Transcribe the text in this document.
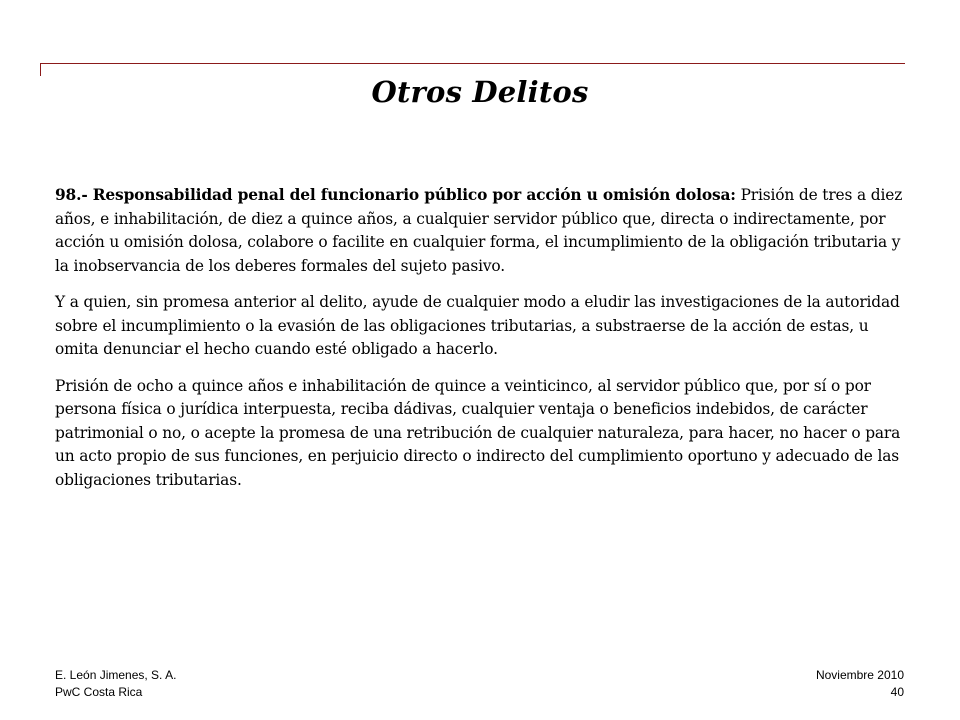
Otros Delitos

98.- Responsabilidad penal del funcionario público por acción u omisión dolosa: Prisión de tres a diez años, e inhabilitación, de diez a quince años, a cualquier servidor público que, directa o indirectamente, por acción u omisión dolosa, colabore o facilite en cualquier forma, el incumplimiento de la obligación tributaria y la inobservancia de los deberes formales del sujeto pasivo.

Y a quien, sin promesa anterior al delito, ayude de cualquier modo a eludir las investigaciones de la autoridad sobre el incumplimiento o la evasión de las obligaciones tributarias, a substraerse de la acción de estas, u omita denunciar el hecho cuando esté obligado a hacerlo.

Prisión de ocho a quince años e inhabilitación de quince a veinticinco, al servidor público que, por sí o por persona física o jurídica interpuesta, reciba dádivas, cualquier ventaja o beneficios indebidos, de carácter patrimonial o no, o acepte la promesa de una retribución de cualquier naturaleza, para hacer, no hacer o para un acto propio de sus funciones, en perjuicio directo o indirecto del cumplimiento oportuno y adecuado de las obligaciones tributarias.

E. León Jimenes, S. A.
PwC Costa Rica
Noviembre 2010
40
